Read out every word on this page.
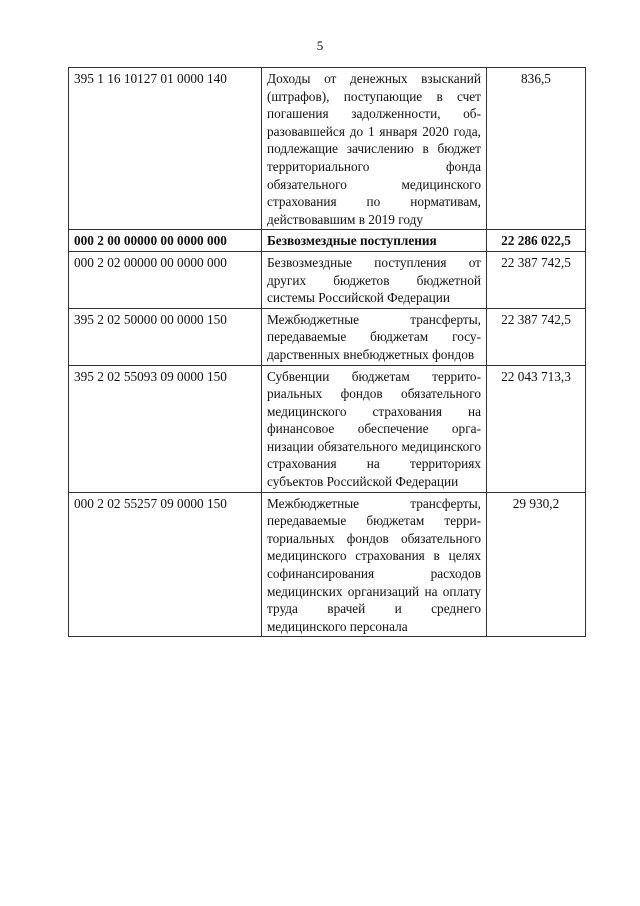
5
395 1 16 10127 01 0000 140	Доходы от денежных взысканий (штрафов), поступающие в счет погашения задолженности, образовавшейся до 1 января 2020 года, подлежащие зачислению в бюджет территориального фонда обязательного медицинского страхования по нормативам, действовавшим в 2019 году	836,5
000 2 00 00000 00 0000 000	Безвозмездные поступления	22 286 022,5
000 2 02 00000 00 0000 000	Безвозмездные поступления от других бюджетов бюджетной системы Российской Федерации	22 387 742,5
395 2 02 50000 00 0000 150	Межбюджетные трансферты, передаваемые бюджетам государственных внебюджетных фондов	22 387 742,5
395 2 02 55093 09 0000 150	Субвенции бюджетам территориальных фондов обязательного медицинского страхования на финансовое обеспечение организации обязательного медицинского страхования на территориях субъектов Российской Федерации	22 043 713,3
000 2 02 55257 09 0000 150	Межбюджетные трансферты, передаваемые бюджетам территориальных фондов обязательного медицинского страхования в целях софинансирования расходов медицинских организаций на оплату труда врачей и среднего медицинского персонала	29 930,2
